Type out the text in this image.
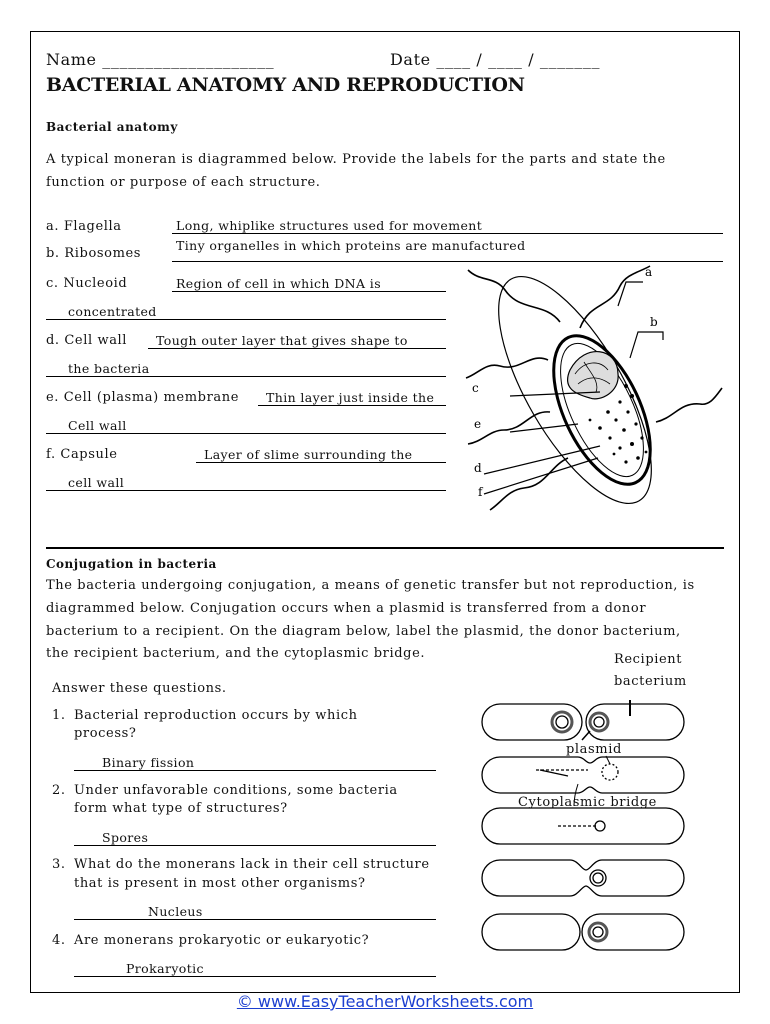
Name ____________________	Date ____ / ____ / _______
BACTERIAL ANATOMY AND REPRODUCTION
Bacterial anatomy
A typical moneran is diagrammed below. Provide the labels for the parts and state the
function or purpose of each structure.
a. Flagella	Long, whiplike structures used for movement
b. Ribosomes
Tiny organelles in which proteins are manufactured
c. Nucleoid	Region of cell in which DNA is
concentrated
d. Cell wall Tough outer layer that gives shape to
the bacteria
e. Cell (plasma) membrane Thin layer just inside the
Cell wall
f. Capsule	Layer of slime surrounding the
cell wall
a
b
c
e
d
f
Conjugation in bacteria
The bacteria undergoing conjugation, a means of genetic transfer but not reproduction, is
diagrammed below. Conjugation occurs when a plasmid is transferred from a donor
bacterium to a recipient. On the diagram below, label the plasmid, the donor bacterium,
the recipient bacterium, and the cytoplasmic bridge.
Answer these questions.
1. Bacterial reproduction occurs by which
process?
Binary fission
2. Under unfavorable conditions, some bacteria
form what type of structures?
Spores
3. What do the monerans lack in their cell structure
that is present in most other organisms?
Nucleus
4. Are monerans prokaryotic or eukaryotic?
Prokaryotic
Recipient
bacterium
plasmid
Cytoplasmic bridge
© www.EasyTeacherWorksheets.com
